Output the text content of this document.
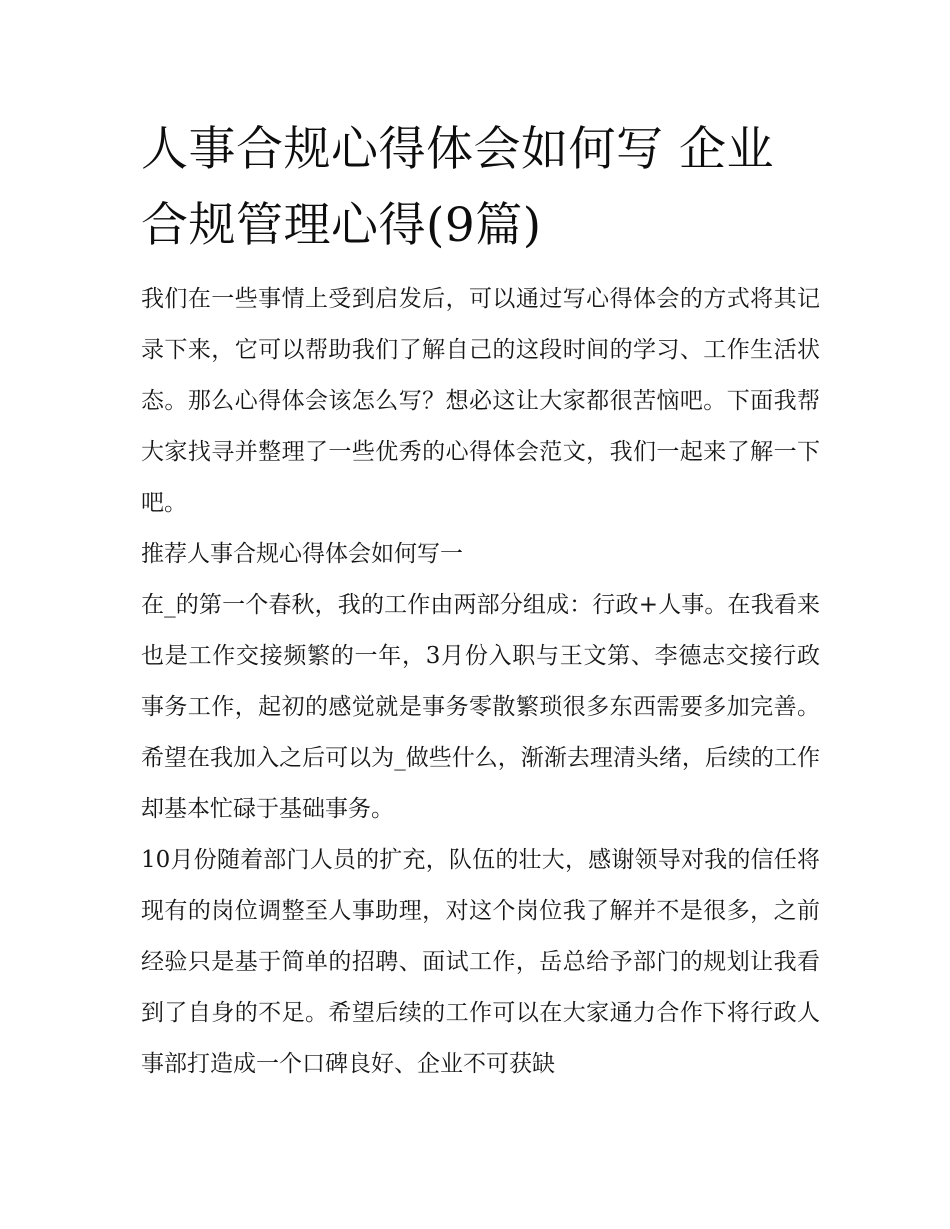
人事合规心得体会如何写 企业合规管理心得(9篇)

我们在一些事情上受到启发后，可以通过写心得体会的方式将其记录下来，它可以帮助我们了解自己的这段时间的学习、工作生活状态。那么心得体会该怎么写？想必这让大家都很苦恼吧。下面我帮大家找寻并整理了一些优秀的心得体会范文，我们一起来了解一下吧。

推荐人事合规心得体会如何写一

在_的第一个春秋，我的工作由两部分组成：行政+人事。在我看来也是工作交接频繁的一年，3月份入职与王文第、李德志交接行政事务工作，起初的感觉就是事务零散繁琐很多东西需要多加完善。希望在我加入之后可以为_做些什么，渐渐去理清头绪，后续的工作却基本忙碌于基础事务。

10月份随着部门人员的扩充，队伍的壮大，感谢领导对我的信任将现有的岗位调整至人事助理，对这个岗位我了解并不是很多，之前经验只是基于简单的招聘、面试工作，岳总给予部门的规划让我看到了自身的不足。希望后续的工作可以在大家通力合作下将行政人事部打造成一个口碑良好、企业不可获缺
